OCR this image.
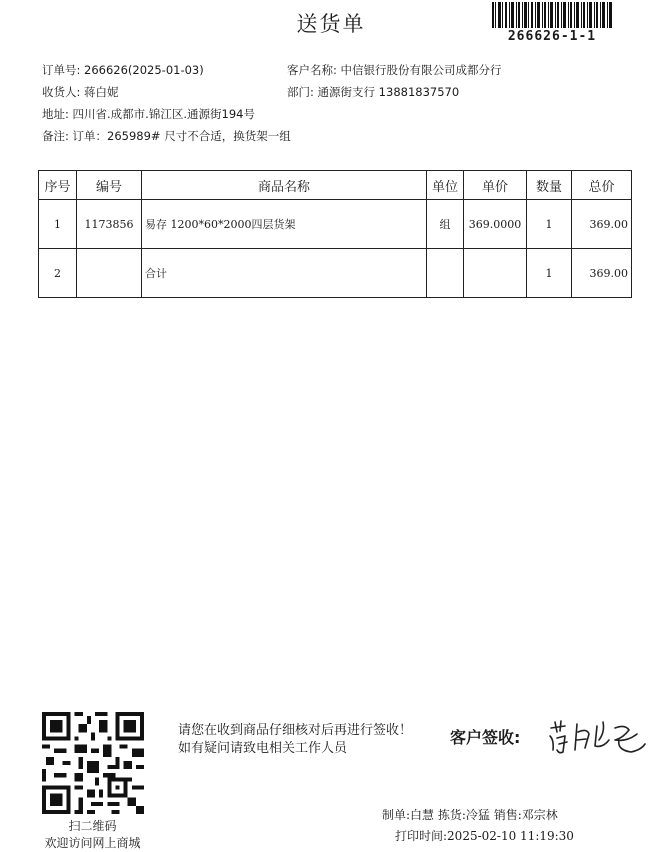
送货单
266626-1-1
订单号: 266626(2025-01-03)	客户名称: 中信银行股份有限公司成都分行
收货人: 蒋白妮	部门: 通源街支行 13881837570
地址: 四川省.成都市.锦江区.通源街194号
备注: 订单：265989# 尺寸不合适，换货架一组
序号	编号	商品名称	单位	单价	数量	总价
1	1173856	易存 1200*60*2000四层货架	组	369.0000	1	369.00
2		合计			1	369.00
扫二维码
欢迎访问网上商城
请您在收到商品仔细核对后再进行签收！如有疑问请致电相关工作人员
客户签收:
制单:白慧 拣货:冷猛 销售:邓宗林
打印时间:2025-02-10 11:19:30
